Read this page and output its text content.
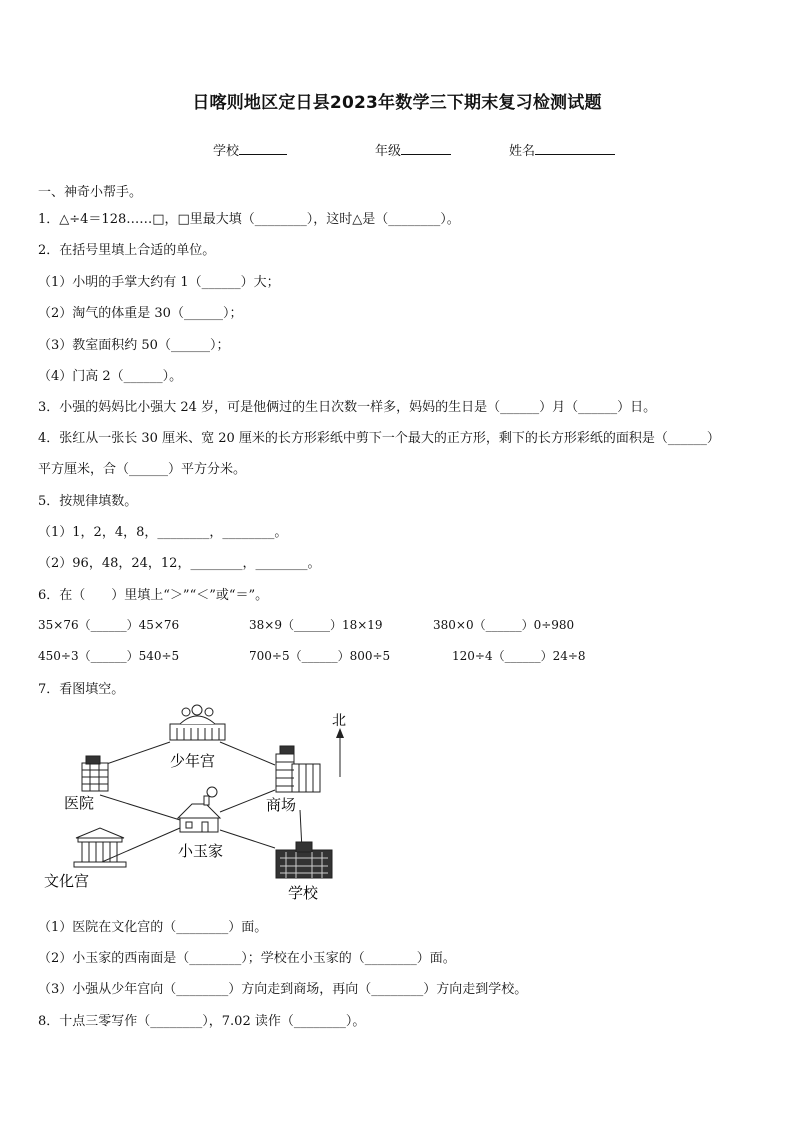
日喀则地区定日县2023年数学三下期末复习检测试题
学校	年级	姓名
一、神奇小帮手。
1．△÷4＝128……□，□里最大填（________），这时△是（________）。
2．在括号里填上合适的单位。
（1）小明的手掌大约有 1（______）大；
（2）淘气的体重是 30（______）；
（3）教室面积约 50（______）；
（4）门高 2（______）。
3．小强的妈妈比小强大 24 岁，可是他俩过的生日次数一样多，妈妈的生日是（______）月（______）日。
4．张红从一张长 30 厘米、宽 20 厘米的长方形彩纸中剪下一个最大的正方形，剩下的长方形彩纸的面积是（______）
平方厘米，合（______）平方分米。
5．按规律填数。
（1）1，2，4，8，________，________。
（2）96，48，24，12，________，________。
6．在（　　）里填上“＞”“＜”或“＝”。
35×76（______）45×76	38×9（______）18×19	380×0（______）0÷980
450÷3（______）540÷5	700÷5（______）800÷5	120÷4（______）24÷8
7．看图填空。
北
少年宫
医院	商场
小玉家
文化宫
学校
（1）医院在文化宫的（________）面。
（2）小玉家的西南面是（________）；学校在小玉家的（________）面。
（3）小强从少年宫向（________）方向走到商场，再向（________）方向走到学校。
8．十点三零写作（________），7.02 读作（________）。
